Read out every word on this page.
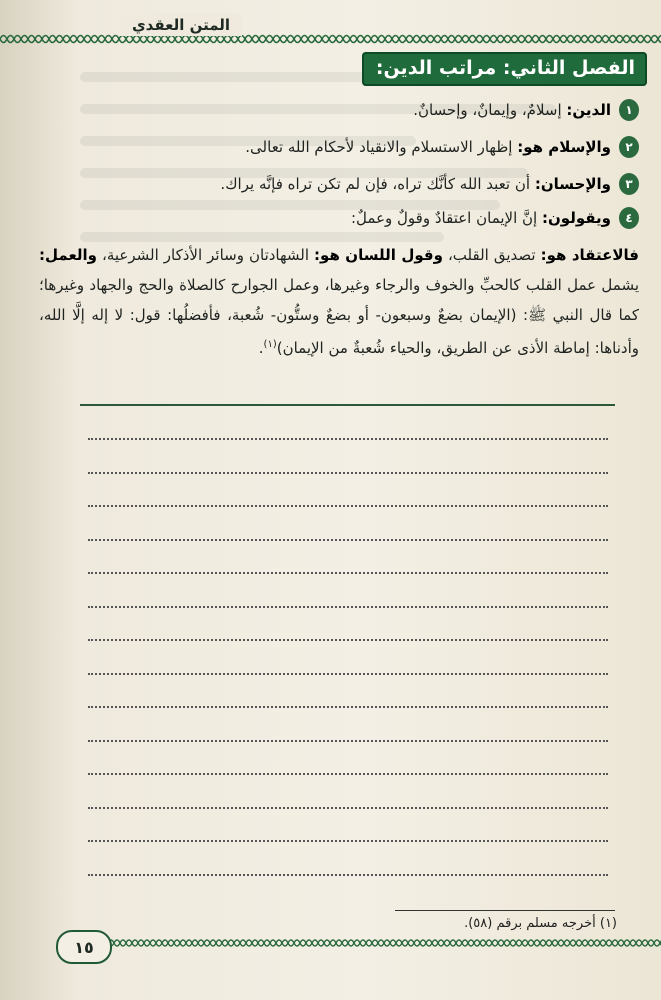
المتن العقدي
الفصل الثاني: مراتب الدين:
١
الدين: إسلامٌ، وإيمانٌ، وإحسانٌ.
٢
والإسلام هو: إظهار الاستسلام والانقياد لأحكام الله تعالى.
٣
والإحسان: أن تعبد الله كأنَّك تراه، فإن لم تكن تراه فإنَّه يراك.
٤
ويقولون: إنَّ الإيمان اعتقادٌ وقولٌ وعملٌ:
فالاعتقاد هو: تصديق القلب، وقول اللسان هو: الشهادتان وسائر الأذكار الشرعية، والعمل: يشمل عمل القلب كالحبِّ والخوف والرجاء وغيرها، وعمل الجوارح كالصلاة والحج والجهاد وغيرها؛ كما قال النبي ﷺ: (الإيمان بضعٌ وسبعون- أو بضعٌ وستُّون- شُعبة، فأفضلُها: قول: لا إله إلَّا الله، وأدناها: إماطة الأذى عن الطريق، والحياء شُعبةٌ من الإيمان)$^{(١)}$.
(١) أخرجه مسلم برقم (٥٨).
١٥
